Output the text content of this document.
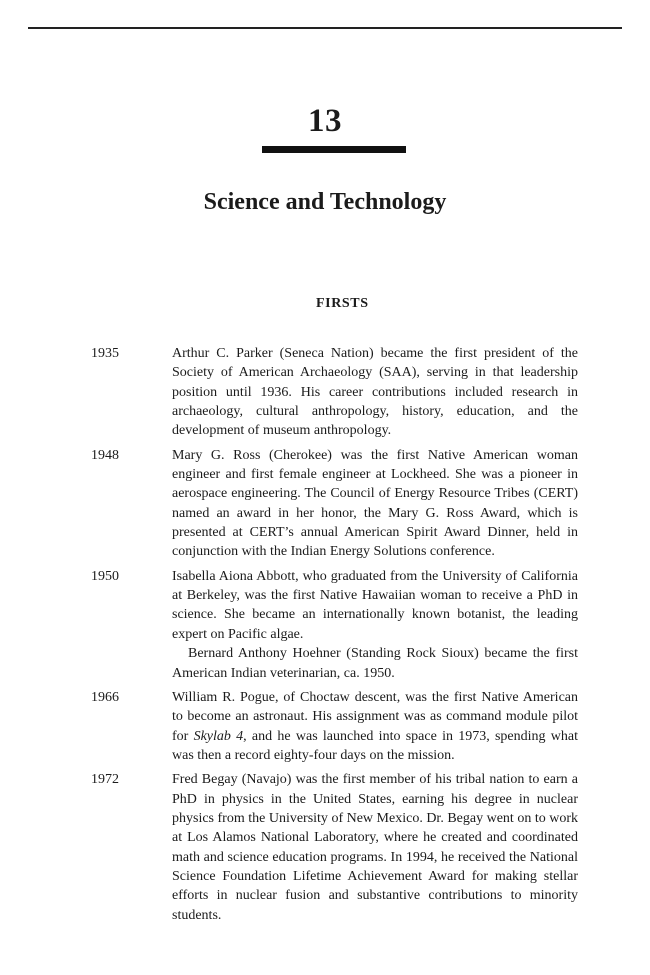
13
Science and Technology
FIRSTS
1935	Arthur C. Parker (Seneca Nation) became the first president of the Society of American Archaeology (SAA), serving in that leadership position until 1936. His career contributions included research in archaeology, cultural anthropology, history, education, and the development of museum anthropology.

1948	Mary G. Ross (Cherokee) was the first Native American woman engineer and first female engineer at Lockheed. She was a pioneer in aerospace engineering. The Council of Energy Resource Tribes (CERT) named an award in her honor, the Mary G. Ross Award, which is presented at CERT’s annual American Spirit Award Dinner, held in conjunction with the Indian Energy Solutions conference.

1950	Isabella Aiona Abbott, who graduated from the University of California at Berkeley, was the first Native Hawaiian woman to receive a PhD in science. She became an internationally known botanist, the leading expert on Pacific algae.

Bernard Anthony Hoehner (Standing Rock Sioux) became the first American Indian veterinarian, ca. 1950.

1966	William R. Pogue, of Choctaw descent, was the first Native American to become an astronaut. His assignment was as command module pilot for Skylab 4, and he was launched into space in 1973, spending what was then a record eighty-four days on the mission.

1972	Fred Begay (Navajo) was the first member of his tribal nation to earn a PhD in physics in the United States, earning his degree in nuclear physics from the University of New Mexico. Dr. Begay went on to work at Los Alamos National Laboratory, where he created and coordinated math and science education programs. In 1994, he received the National Science Foundation Lifetime Achievement Award for making stellar efforts in nuclear fusion and substantive contributions to minority students.
